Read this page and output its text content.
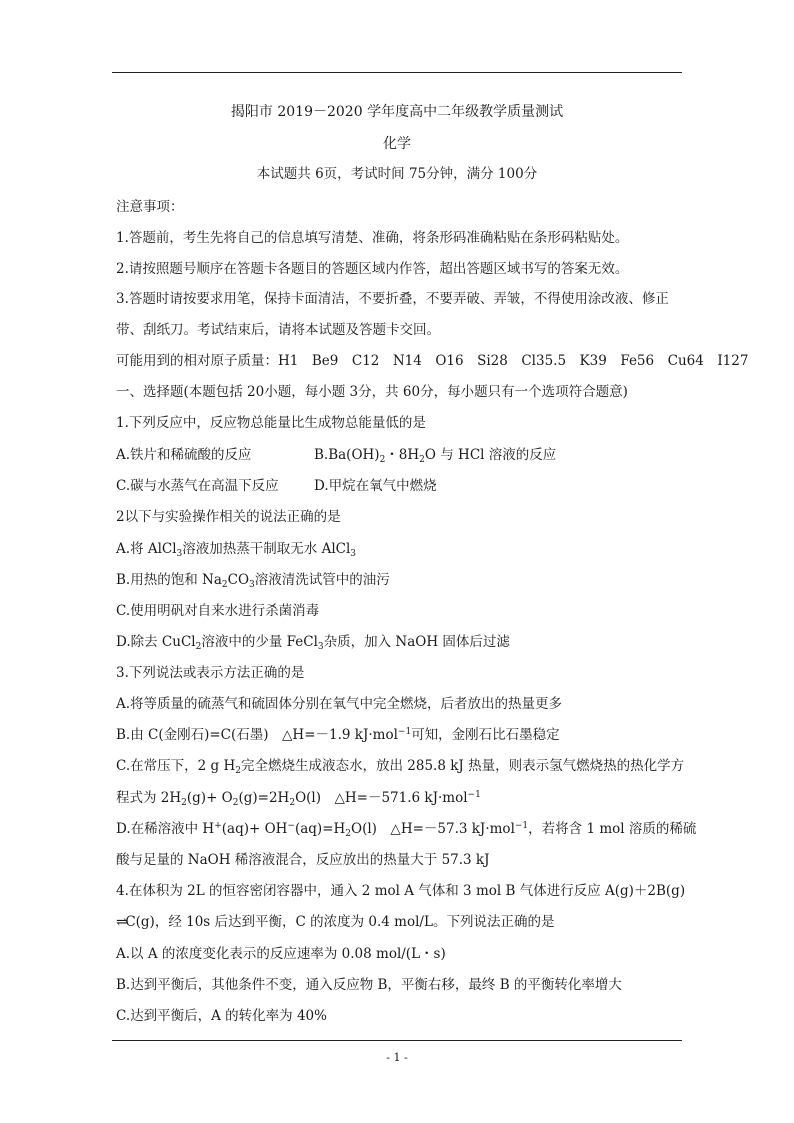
揭阳市 2019－2020 学年度高中二年级教学质量测试
化学
本试题共 6页，考试时间 75分钟，满分 100分
注意事项：
1.答题前，考生先将自己的信息填写清楚、准确，将条形码准确粘贴在条形码粘贴处。
2.请按照题号顺序在答题卡各题目的答题区域内作答，超出答题区域书写的答案无效。
3.答题时请按要求用笔，保持卡面清洁，不要折叠，不要弄破、弄皱，不得使用涂改液、修正
带、刮纸刀。考试结束后，请将本试题及答题卡交回。
可能用到的相对原子质量：H1　Be9　C12　N14　O16　Si28　Cl35.5　K39　Fe56　Cu64　I127
一、选择题(本题包括 20小题，每小题 3分，共 60分，每小题只有一个选项符合题意)
1.下列反应中，反应物总能量比生成物总能量低的是
A.铁片和稀硫酸的反应	$B.Ba(OH)_2$・$8H_2O$ 与 HCl 溶液的反应
C.碳与水蒸气在高温下反应	D.甲烷在氧气中燃烧
2以下与实验操作相关的说法正确的是
A.将 AlCl$_3$溶液加热蒸干制取无水 AlCl$_3$
B.用热的饱和 $Na_2CO_3$溶液清洗试管中的油污
C.使用明矾对自来水进行杀菌消毒
D.除去 CuCl$_2$溶液中的少量 FeCl$_3$杂质，加入 NaOH 固体后过滤
3.下列说法或表示方法正确的是
A.将等质量的硫蒸气和硫固体分别在氧气中完全燃烧，后者放出的热量更多
B.由 C(金刚石)=C(石墨)　△H=－1.9 kJ·mol$^{-1}$可知，金刚石比石墨稳定
C.在常压下，2 g $H_2$完全燃烧生成液态水，放出 285.8 kJ 热量，则表示氢气燃烧热的热化学方
程式为 $2H_2(g)+ O_2(g)=2H_2O(l)$　△H=－571.6 kJ·mol$^{-1}$
D.在稀溶液中 $H^+(aq)+ OH^-(aq)=H_2O(l)$　△H=－57.3 kJ·mol$^{-1}$，若将含 1 mol 溶质的稀硫
酸与足量的 NaOH 稀溶液混合，反应放出的热量大于 57.3 kJ
4.在体积为 2L 的恒容密闭容器中，通入 2 mol A 气体和 3 mol B 气体进行反应 A(g)＋2B(g)
⇌C(g)，经 10s 后达到平衡，C 的浓度为 0.4 mol/L。下列说法正确的是
A.以 A 的浓度变化表示的反应速率为 0.08 mol/(L・s)
B.达到平衡后，其他条件不变，通入反应物 B，平衡右移，最终 B 的平衡转化率增大
C.达到平衡后，A 的转化率为 40%
- 1 -
